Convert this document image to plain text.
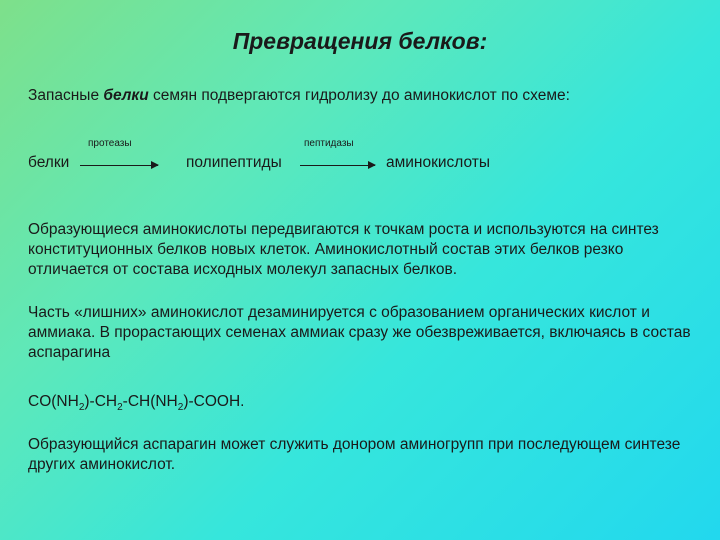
Превращения белков:
Запасные белки семян подвергаются гидролизу до аминокислот по схеме:
белки
протеазы
полипептиды
пептидазы
аминокислоты
Образующиеся аминокислоты передвигаются к точкам роста и используются на синтез конституционных белков новых клеток. Аминокислотный состав этих белков резко отличается от состава исходных молекул запасных белков.
Часть «лишних» аминокислот дезаминируется с образованием органических кислот и аммиака. В прорастающих семенах аммиак сразу же обезвреживается, включаясь в состав аспарагина
$CO(NH_2)-CH_2-CH(NH_2)$-COOH.
Образующийся аспарагин может служить донором аминогрупп при последующем синтезе других аминокислот.
